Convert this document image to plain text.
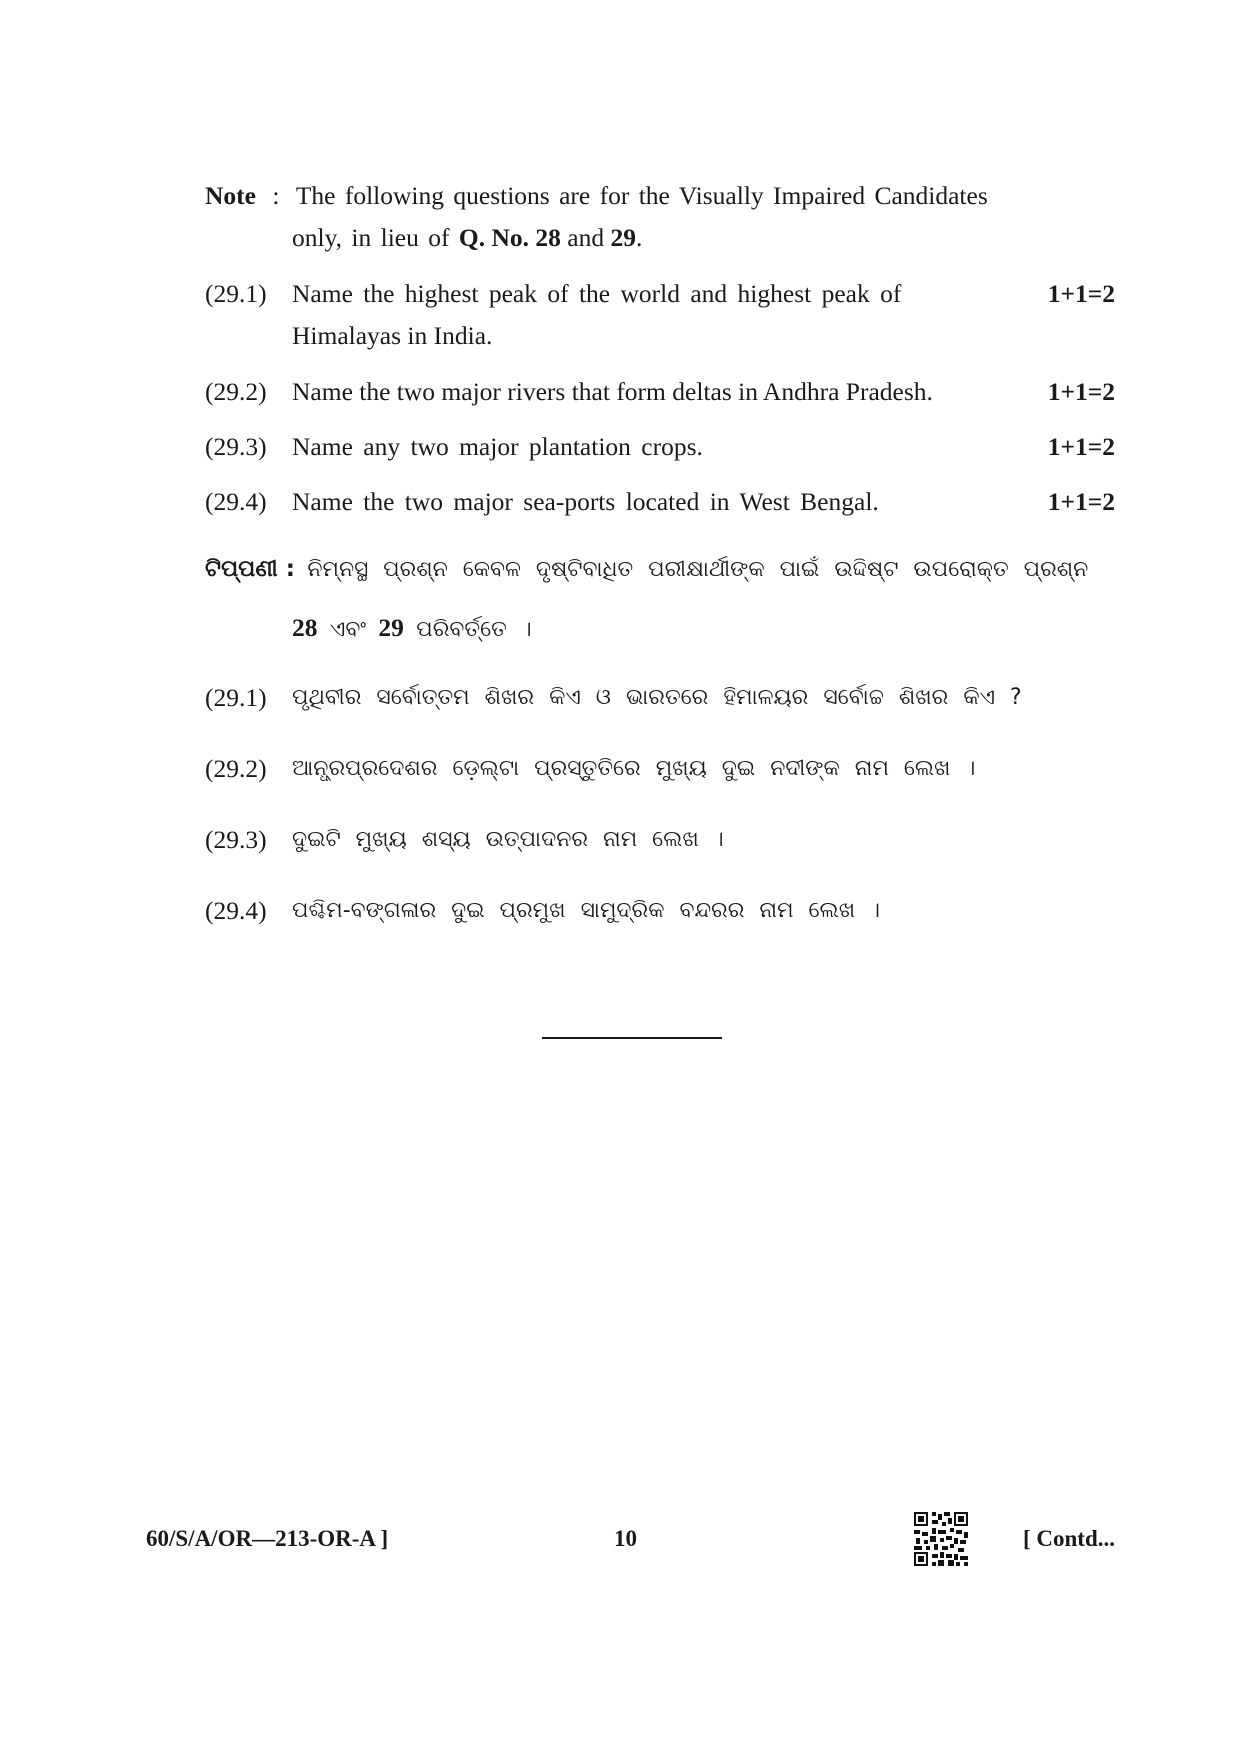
Note : The following questions are for the Visually Impaired Candidates
only, in lieu of Q. No. 28 and 29.
(29.1) Name the highest peak of the world and highest peak of
Himalayas in India.
1+1=2
(29.2) Name the two major rivers that form deltas in Andhra Pradesh.	1+1=2
(29.3) Name any two major plantation crops.	1+1=2
(29.4) Name the two major sea-ports located in West Bengal.	1+1=2
ଟିପ୍ପଣୀ : ନିମ୍ନସ୍ଥ ପ୍ରଶ୍ନ କେବଳ ଦୃଷ୍ଟିବାଧିତ ପରୀକ୍ଷାର୍ଥୀଙ୍କ ପାଇଁ ଉଦ୍ଦିଷ୍ଟ ଉପରୋକ୍ତ ପ୍ରଶ୍ନ
28 ଏବଂ 29 ପରିବର୍ତ୍ତେ ।
(29.1) ପୃଥିବୀର ସର୍ବୋତ୍ତମ ଶିଖର କିଏ ଓ ଭାରତରେ ହିମାଳୟର ସର୍ବୋଚ୍ଚ ଶିଖର କିଏ ?
(29.2) ଆନ୍ଧ୍ରପ୍ରଦେଶର ଡ଼େଲ୍‌ଟା ପ୍ରସ୍ତୁତିରେ ମୁଖ୍ୟ ଦୁଇ ନଦୀଙ୍କ ନାମ ଲେଖ ।
(29.3) ଦୁଇଟି ମୁଖ୍ୟ ଶସ୍ୟ ଉତ୍ପାଦନର ନାମ ଲେଖ ।
(29.4) ପଶ୍ଚିମ-ବଙ୍ଗଳାର ଦୁଇ ପ୍ରମୁଖ ସାମୁଦ୍ରିକ ବନ୍ଦରର ନାମ ଲେଖ ।
60/S/A/OR—213-OR-A ]	10	[ Contd...
